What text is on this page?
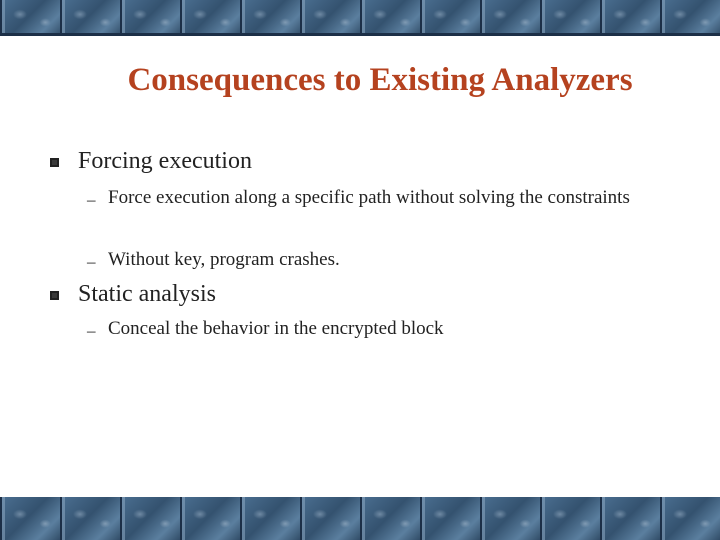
Consequences to Existing Analyzers
Forcing execution
– Force execution along a specific path without solving the constraints
– Without key, program crashes.
Static analysis
– Conceal the behavior in the encrypted block
